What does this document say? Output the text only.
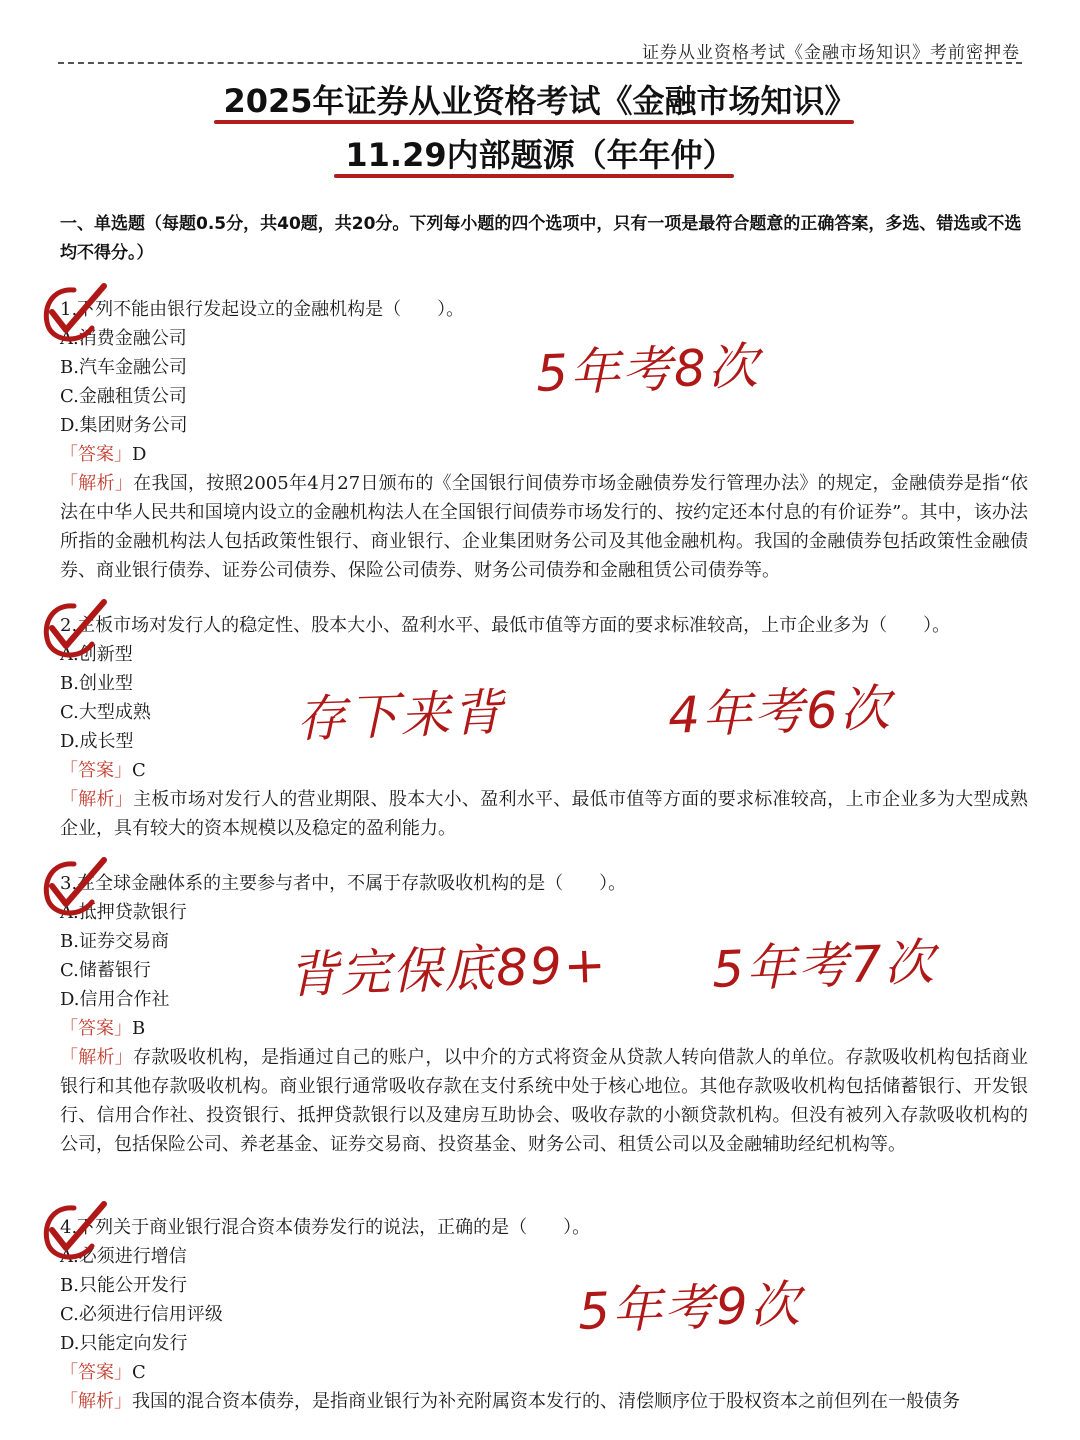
证券从业资格考试《金融市场知识》考前密押卷
2025年证券从业资格考试《金融市场知识》
11.29内部题源（年年仲）
一、单选题（每题0.5分，共40题，共20分。下列每小题的四个选项中，只有一项是最符合题意的正确答案，多选、错选或不选均不得分。）
1.下列不能由银行发起设立的金融机构是（　　）。
A.消费金融公司
B.汽车金融公司
C.金融租赁公司
D.集团财务公司
「答案」D
「解析」在我国，按照2005年4月27日颁布的《全国银行间债券市场金融债券发行管理办法》的规定，金融债券是指“依法在中华人民共和国境内设立的金融机构法人在全国银行间债券市场发行的、按约定还本付息的有价证券”。其中，该办法所指的金融机构法人包括政策性银行、商业银行、企业集团财务公司及其他金融机构。我国的金融债券包括政策性金融债券、商业银行债券、证券公司债券、保险公司债券、财务公司债券和金融租赁公司债券等。
2.主板市场对发行人的稳定性、股本大小、盈利水平、最低市值等方面的要求标准较高，上市企业多为（　　）。
A.创新型
B.创业型
C.大型成熟
D.成长型
「答案」C
「解析」主板市场对发行人的营业期限、股本大小、盈利水平、最低市值等方面的要求标准较高，上市企业多为大型成熟企业，具有较大的资本规模以及稳定的盈利能力。
3.在全球金融体系的主要参与者中，不属于存款吸收机构的是（　　）。
A.抵押贷款银行
B.证券交易商
C.储蓄银行
D.信用合作社
「答案」B
「解析」存款吸收机构，是指通过自己的账户，以中介的方式将资金从贷款人转向借款人的单位。存款吸收机构包括商业银行和其他存款吸收机构。商业银行通常吸收存款在支付系统中处于核心地位。其他存款吸收机构包括储蓄银行、开发银行、信用合作社、投资银行、抵押贷款银行以及建房互助协会、吸收存款的小额贷款机构。但没有被列入存款吸收机构的公司，包括保险公司、养老基金、证券交易商、投资基金、财务公司、租赁公司以及金融辅助经纪机构等。
4.下列关于商业银行混合资本债券发行的说法，正确的是（　　）。
A.必须进行增信
B.只能公开发行
C.必须进行信用评级
D.只能定向发行
「答案」C
「解析」我国的混合资本债券，是指商业银行为补充附属资本发行的、清偿顺序位于股权资本之前但列在一般债务
5年考8次
存下来背	4年考6次
背完保底89+ 5年考7次
5年考9次
